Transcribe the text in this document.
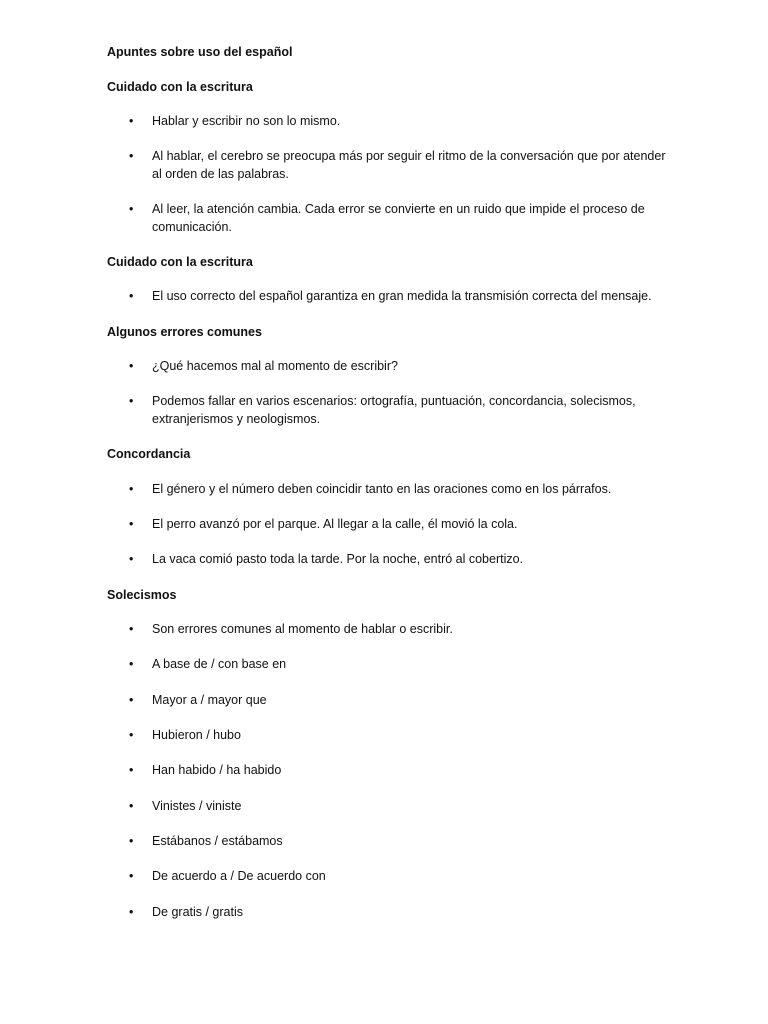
Apuntes sobre uso del español

Cuidado con la escritura

• Hablar y escribir no son lo mismo.
• Al hablar, el cerebro se preocupa más por seguir el ritmo de la conversación que por atender al orden de las palabras.
• Al leer, la atención cambia. Cada error se convierte en un ruido que impide el proceso de comunicación.

Cuidado con la escritura

• El uso correcto del español garantiza en gran medida la transmisión correcta del mensaje.

Algunos errores comunes

• ¿Qué hacemos mal al momento de escribir?
• Podemos fallar en varios escenarios: ortografía, puntuación, concordancia, solecismos, extranjerismos y neologismos.

Concordancia

• El género y el número deben coincidir tanto en las oraciones como en los párrafos.
• El perro avanzó por el parque. Al llegar a la calle, él movió la cola.
• La vaca comió pasto toda la tarde. Por la noche, entró al cobertizo.

Solecismos

• Son errores comunes al momento de hablar o escribir.
• A base de / con base en
• Mayor a / mayor que
• Hubieron / hubo
• Han habido / ha habido
• Vinistes / viniste
• Estábanos / estábamos
• De acuerdo a / De acuerdo con
• De gratis / gratis
